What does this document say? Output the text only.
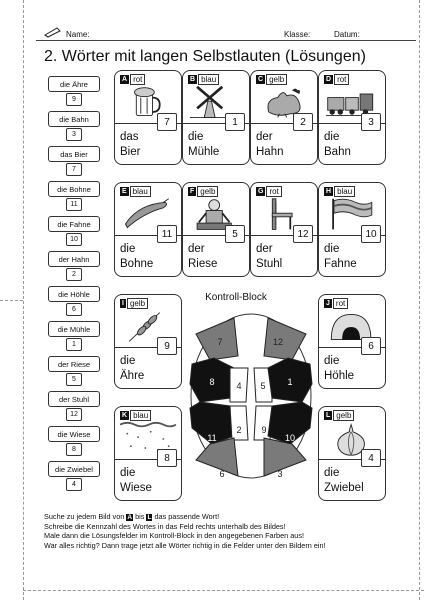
Name:	Klasse:	Datum:
2. Wörter mit langen Selbstlauten (Lösungen)
die Ähre
9
die Bahn
3
das Bier
7
die Bohne
11
die Fahne
10
der Hahn
2
die Höhle
6
die Mühle
1
der Riese
5
der Stuhl
12
die Wiese
8
die Zwiebel
4
A rot
7
das
Bier
B blau
1
die
Mühle
C gelb
2
der
Hahn
D rot
3
die
Bahn
E blau
11
die
Bohne
F gelb
5
der
Riese
G rot
12
der
Stuhl
H blau
10
die
Fahne
I gelb
9
die
Ähre
J rot
6
die
Höhle
K blau
8
die
Wiese
L gelb
4
die
Zwiebel
Kontroll-Block
7	12
8 4 5 1
11
2 9
10
6	3
Suche zu jedem Bild von A bis L das passende Wort!
Schreibe die Kennzahl des Wortes in das Feld rechts unterhalb des Bildes!
Male dann die Lösungsfelder im Kontroll-Block in den angegebenen Farben aus!
War alles richtig? Dann trage jetzt alle Wörter richtig in die Felder unter den Bildern ein!
